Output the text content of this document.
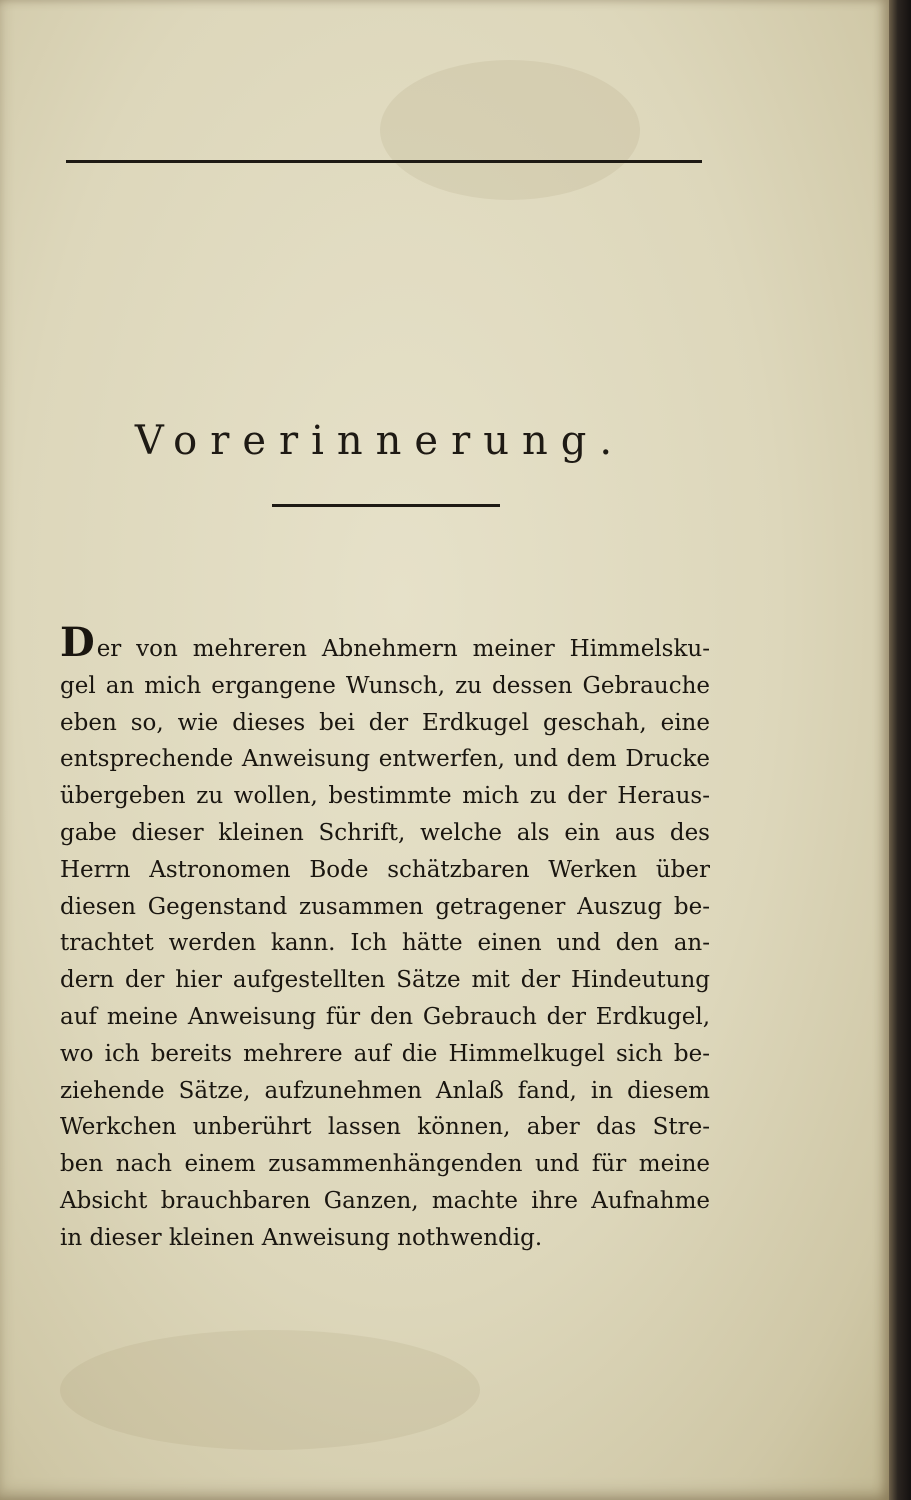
Vorerinnerung.
Der von mehreren Abnehmern meiner Himmelsku-
gel an mich ergangene Wunsch, zu dessen Gebrauche
eben so, wie dieses bei der Erdkugel geschah, eine
entsprechende Anweisung entwerfen, und dem Drucke
übergeben zu wollen, bestimmte mich zu der Heraus-
gabe dieser kleinen Schrift, welche als ein aus des
Herrn Astronomen Bode schätzbaren Werken über
diesen Gegenstand zusammen getragener Auszug be-
trachtet werden kann. Ich hätte einen und den an-
dern der hier aufgestellten Sätze mit der Hindeutung
auf meine Anweisung für den Gebrauch der Erdkugel,
wo ich bereits mehrere auf die Himmelkugel sich be-
ziehende Sätze, aufzunehmen Anlaß fand, in diesem
Werkchen unberührt lassen können, aber das Stre-
ben nach einem zusammenhängenden und für meine
Absicht brauchbaren Ganzen, machte ihre Aufnahme
in dieser kleinen Anweisung nothwendig.
